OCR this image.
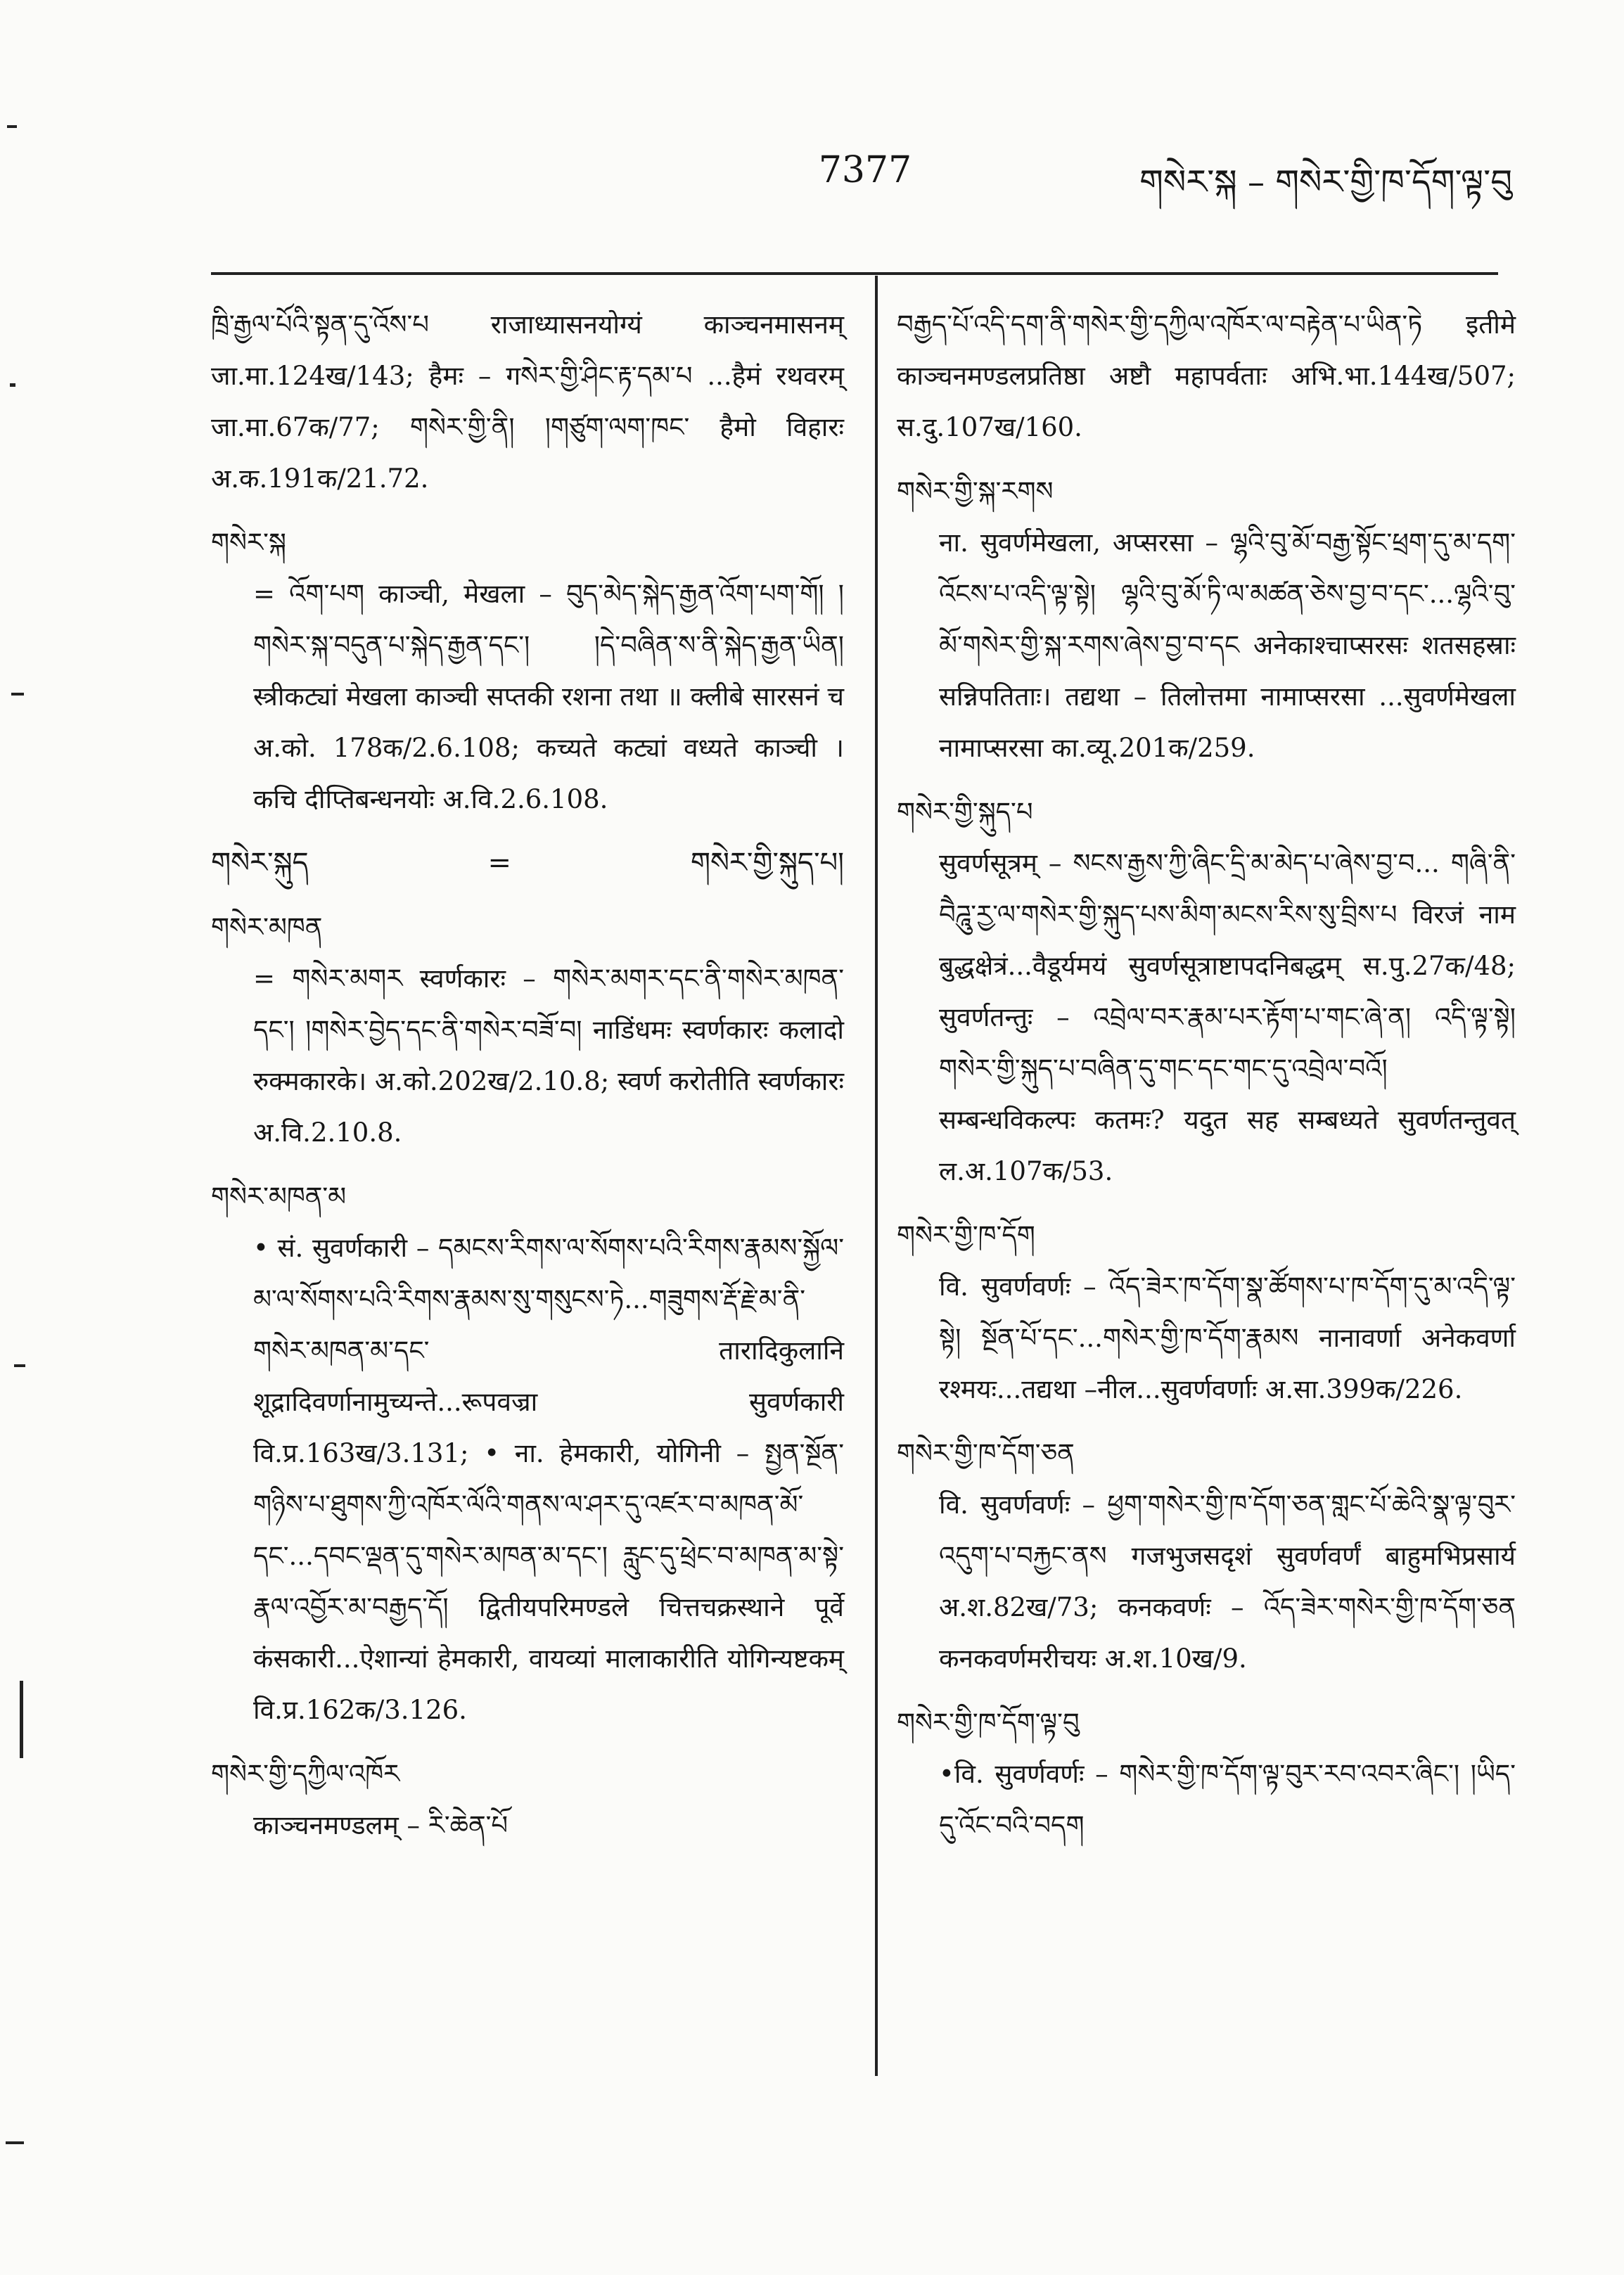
7377	གསེར་སྐ – གསེར་གྱི་ཁ་དོག་ལྟ་བུ
ཁྲི་རྒྱལ་པོའི་སྟན་དུ་འོས་པ राजाध्यासनयोग्यं काञ्चनमासनम् जा.मा.124ख/143; हैमः – गསེར་གྱི་ཤིང་རྟ་དམ་པ ...हैमं रथवरम् जा.मा.67क/77; གསེར་གྱི་ནི། །གཙུག་ལག་ཁང་ हैमो विहारः अ.क.191क/21.72.
གསེར་སྐ
= འོག་པག काञ्ची, मेखला – བུད་མེད་སྐེད་རྒྱན་འོག་པག་གོ། །གསེར་སྐ་བདུན་པ་སྐེད་རྒྱན་དང་། །དེ་བཞིན་ས་ནི་སྐེད་རྒྱན་ཡིན། स्त्रीकट्यां मेखला काञ्ची सप्तकी रशना तथा ॥ क्लीबे सारसनं च अ.को. 178क/2.6.108; कच्यते कट्यां वध्यते काञ्ची । कचि दीप्तिबन्धनयोः अ.वि.2.6.108.
གསེར་སྐུད	=	གསེར་གྱི་སྐུད་པ།
གསེར་མཁན
= གསེར་མགར स्वर्णकारः – གསེར་མགར་དང་ནི་གསེར་མཁན་དང་། །གསེར་བྱེད་དང་ནི་གསེར་བཟོ་བ། नाडिंधमः स्वर्णकारः कलादो रुक्मकारके। अ.को.202ख/2.10.8; स्वर्ण करोतीति स्वर्णकारः अ.वि.2.10.8.
གསེར་མཁན་མ
• सं. सुवर्णकारी – དམངས་རིགས་ལ་སོགས་པའི་རིགས་རྣམས་སྐྱོལ་མ་ལ་སོགས་པའི་རིགས་རྣམས་སུ་གསུངས་ཏེ...གཟུགས་རྡོ་རྗེ་མ་ནི་གསེར་མཁན་མ་དང་ तारादिकुलानि शूद्रादिवर्णानामुच्यन्ते...रूपवज्रा सुवर्णकारी वि.प्र.163ख/3.131; • ना. हेमकारी, योगिनी – སྤྱན་སྔོན་གཉིས་པ་ཐུགས་ཀྱི་འཁོར་ལོའི་གནས་ལ་ཤར་དུ་འཛར་བ་མཁན་མོ་དང་...དབང་ལྡན་དུ་གསེར་མཁན་མ་དང་། རླུང་དུ་ཕྲེང་བ་མཁན་མ་སྟེ་རྣལ་འབྱོར་མ་བརྒྱད་དོ། द्वितीयपरिमण्डले चित्तचक्रस्थाने पूर्वे कंसकारी...ऐशान्यां हेमकारी, वायव्यां मालाकारीति योगिन्यष्टकम् वि.प्र.162क/3.126.
གསེར་གྱི་དཀྱིལ་འཁོར
काञ्चनमण्डलम् – རི་ཆེན་པོ
བརྒྱད་པོ་འདི་དག་ནི་གསེར་གྱི་དཀྱིལ་འཁོར་ལ་བརྟེན་པ་ཡིན་ཏེ इतीमे काञ्चनमण्डलप्रतिष्ठा अष्टौ महापर्वताः अभि.भा.144ख/507; स.दु.107ख/160.
གསེར་གྱི་སྐ་རགས
ना. सुवर्णमेखला, अप्सरसा – ལྷའི་བུ་མོ་བརྒྱ་སྟོང་ཕྲག་དུ་མ་དག་འོངས་པ་འདི་ལྟ་སྟེ། ལྷའི་བུ་མོ་ཏི་ལ་མཚན་ཅེས་བྱ་བ་དང་...ལྷའི་བུ་མོ་གསེར་གྱི་སྐ་རགས་ཞེས་བྱ་བ་དང अनेकाश्चाप्सरसः शतसहस्राः सन्निपतिताः। तद्यथा – तिलोत्तमा नामाप्सरसा ...सुवर्णमेखला नामाप्सरसा का.व्यू.201क/259.
གསེར་གྱི་སྐུད་པ
सुवर्णसूत्रम् – སངས་རྒྱས་ཀྱི་ཞིང་དྲི་མ་མེད་པ་ཞེས་བྱ་བ... གཞི་ནི་བཻཌཱུ་རྱ་ལ་གསེར་གྱི་སྐུད་པས་མིག་མངས་རིས་སུ་བྲིས་པ विरजं नाम बुद्धक्षेत्रं...वैडूर्यमयं सुवर्णसूत्राष्टापदनिबद्धम् स.पु.27क/48; सुवर्णतन्तुः – འབྲེལ་བར་རྣམ་པར་རྟོག་པ་གང་ཞེ་ན། འདི་ལྟ་སྟེ། གསེར་གྱི་སྐུད་པ་བཞིན་དུ་གང་དང་གང་དུ་འབྲེལ་བའོ། सम्बन्धविकल्पः कतमः? यदुत सह सम्बध्यते सुवर्णतन्तुवत् ल.अ.107क/53.
གསེར་གྱི་ཁ་དོག
वि. सुवर्णवर्णः – འོད་ཟེར་ཁ་དོག་སྣ་ཚོགས་པ་ཁ་དོག་དུ་མ་འདི་ལྟ་སྟེ། སྔོན་པོ་དང་...གསེར་གྱི་ཁ་དོག་རྣམས नानावर्णा अनेकवर्णा रश्मयः...तद्यथा –नील...सुवर्णवर्णाः अ.सा.399क/226.
གསེར་གྱི་ཁ་དོག་ཅན
वि. सुवर्णवर्णः – ཕྱག་གསེར་གྱི་ཁ་དོག་ཅན་གླང་པོ་ཆེའི་སྣ་ལྟ་བུར་འདུག་པ་བརྐྱང་ནས गजभुजसदृशं सुवर्णवर्णं बाहुमभिप्रसार्य अ.श.82ख/73; कनकवर्णः – འོད་ཟེར་གསེར་གྱི་ཁ་དོག་ཅན कनकवर्णमरीचयः अ.श.10ख/9.
གསེར་གྱི་ཁ་དོག་ལྟ་བུ
•वि. सुवर्णवर्णः – གསེར་གྱི་ཁ་དོག་ལྟ་བུར་རབ་འབར་ཞིང་། །ཡིད་དུ་འོང་བའི་བདག
